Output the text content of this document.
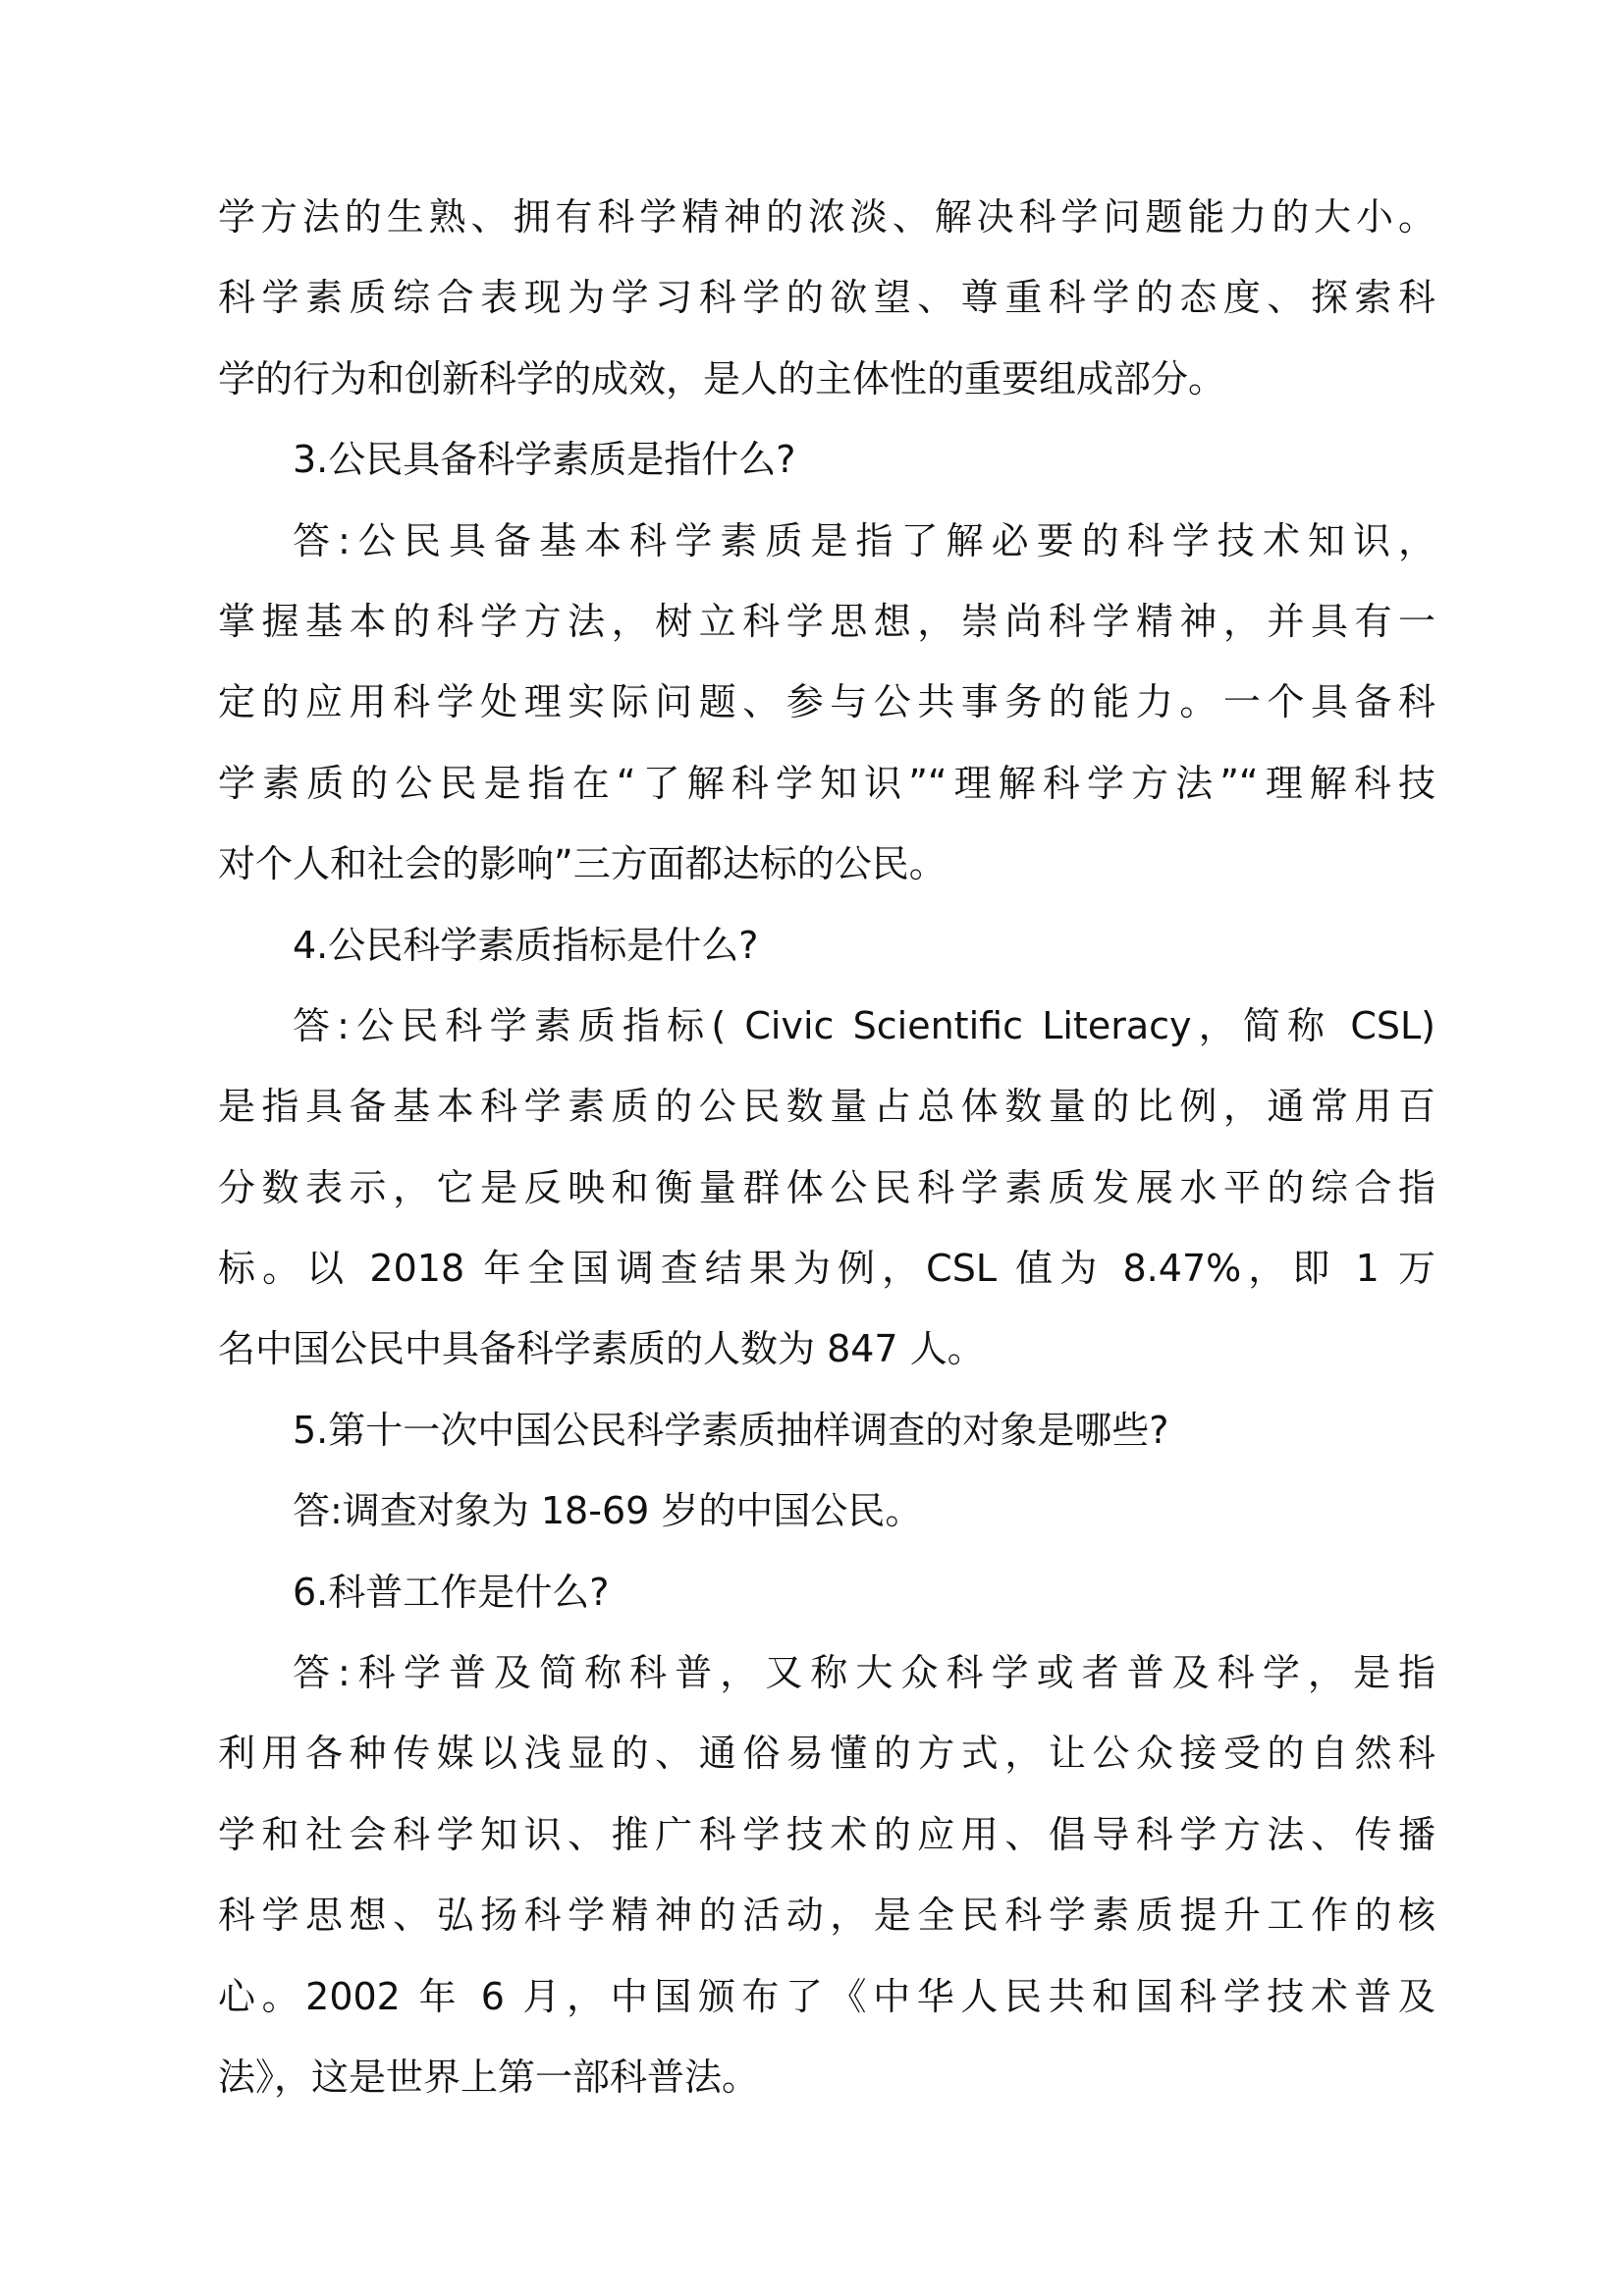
学方法的生熟、拥有科学精神的浓淡、解决科学问题能力的大小。
科学素质综合表现为学习科学的欲望、尊重科学的态度、探索科
学的行为和创新科学的成效，是人的主体性的重要组成部分。
3.公民具备科学素质是指什么?
答:公民具备基本科学素质是指了解必要的科学技术知识，
掌握基本的科学方法，树立科学思想，崇尚科学精神，并具有一
定的应用科学处理实际问题、参与公共事务的能力。一个具备科
学素质的公民是指在“了解科学知识”“理解科学方法”“理解科技
对个人和社会的影响”三方面都达标的公民。
4.公民科学素质指标是什么?
答:公民科学素质指标( Civic Scientific Literacy，简称 CSL)
是指具备基本科学素质的公民数量占总体数量的比例，通常用百
分数表示，它是反映和衡量群体公民科学素质发展水平的综合指
标。以 2018 年全国调查结果为例，CSL 值为 8.47%，即 1 万
名中国公民中具备科学素质的人数为 847 人。
5.第十一次中国公民科学素质抽样调查的对象是哪些?
答:调查对象为 18-69 岁的中国公民。
6.科普工作是什么?
答:科学普及简称科普，又称大众科学或者普及科学，是指
利用各种传媒以浅显的、通俗易懂的方式，让公众接受的自然科
学和社会科学知识、推广科学技术的应用、倡导科学方法、传播
科学思想、弘扬科学精神的活动，是全民科学素质提升工作的核
心。2002 年 6 月，中国颁布了《中华人民共和国科学技术普及
法》，这是世界上第一部科普法。
